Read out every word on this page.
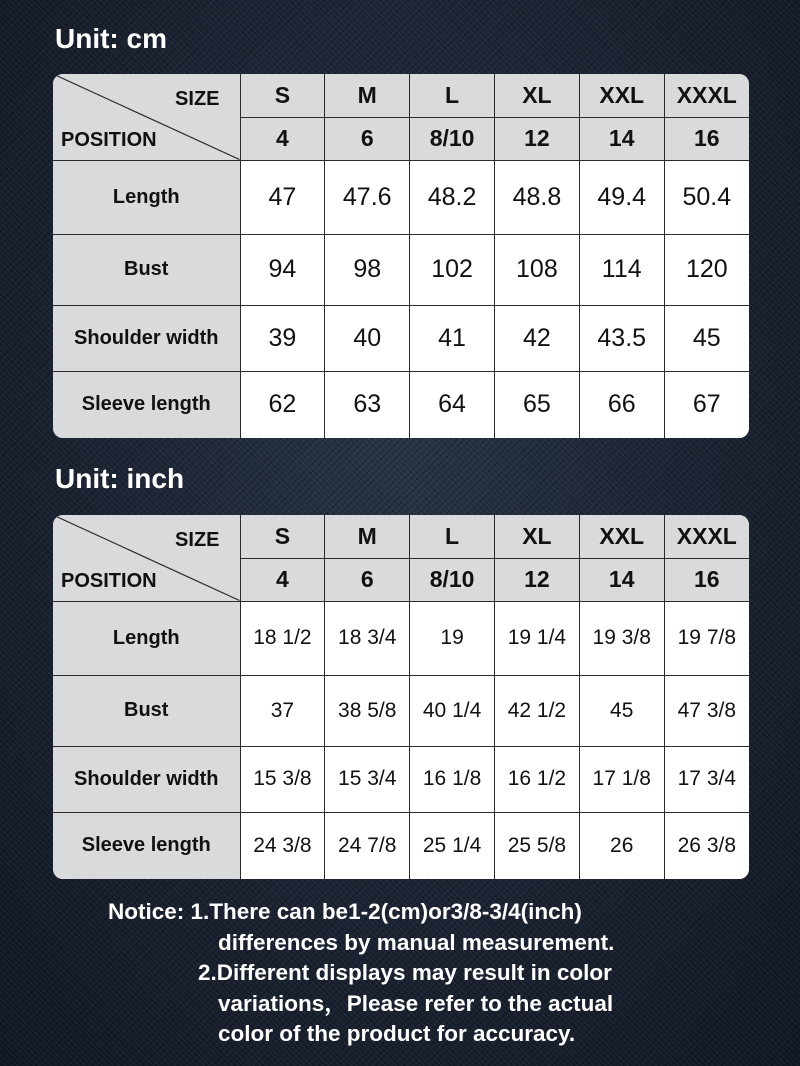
Unit: cm
SIZE
POSITION	S	M	L	XL	XXL	XXXL
	4	6	8/10	12	14	16
Length	47	47.6	48.2	48.8	49.4	50.4
Bust	94	98	102	108	114	120
Shoulder width	39	40	41	42	43.5	45
Sleeve length	62	63	64	65	66	67
Unit: inch
SIZE
POSITION	S	M	L	XL	XXL	XXXL
	4	6	8/10	12	14	16
Length	18 1/2	18 3/4	19	19 1/4	19 3/8	19 7/8
Bust	37	38 5/8	40 1/4	42 1/2	45	47 3/8
Shoulder width	15 3/8	15 3/4	16 1/8	16 1/2	17 1/8	17 3/4
Sleeve length	24 3/8	24 7/8	25 1/4	25 5/8	26	26 3/8
Notice: 1.There can be1-2(cm)or3/8-3/4(inch)
differences by manual measurement.
2.Different displays may result in color
variations，Please refer to the actual
color of the product for accuracy.
